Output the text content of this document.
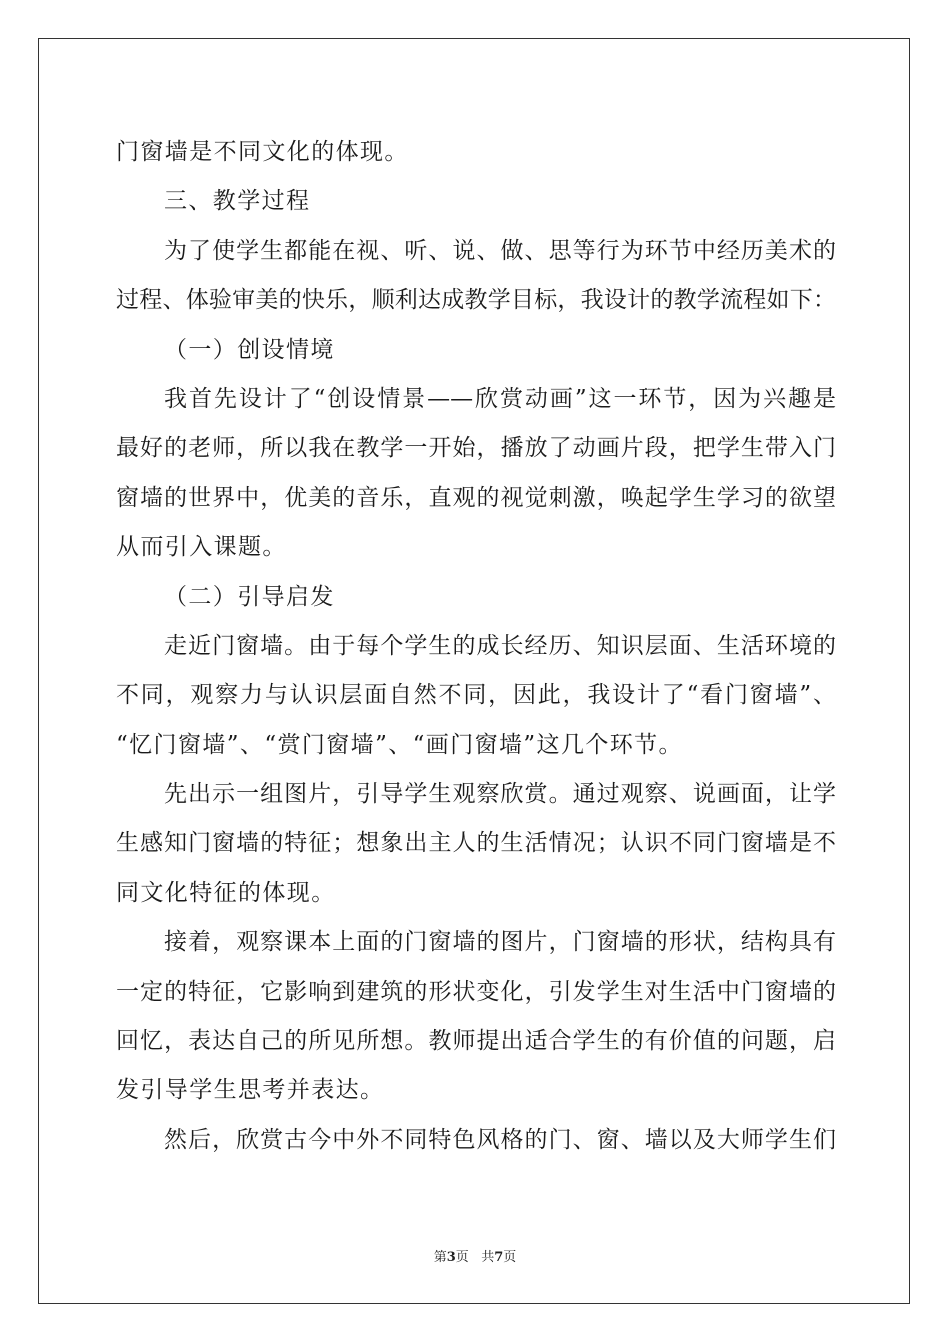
门窗墙是不同文化的体现。
三、教学过程
为了使学生都能在视、听、说、做、思等行为环节中经历美术的
过程、体验审美的快乐，顺利达成教学目标，我设计的教学流程如下：
（一）创设情境
我首先设计了“创设情景——欣赏动画”这一环节，因为兴趣是
最好的老师，所以我在教学一开始，播放了动画片段，把学生带入门
窗墙的世界中，优美的音乐，直观的视觉刺激，唤起学生学习的欲望
从而引入课题。
（二）引导启发
走近门窗墙。由于每个学生的成长经历、知识层面、生活环境的
不同，观察力与认识层面自然不同，因此，我设计了“看门窗墙”、
“忆门窗墙”、“赏门窗墙”、“画门窗墙”这几个环节。
先出示一组图片，引导学生观察欣赏。通过观察、说画面，让学
生感知门窗墙的特征；想象出主人的生活情况；认识不同门窗墙是不
同文化特征的体现。
接着，观察课本上面的门窗墙的图片，门窗墙的形状，结构具有
一定的特征，它影响到建筑的形状变化，引发学生对生活中门窗墙的
回忆，表达自己的所见所想。教师提出适合学生的有价值的问题，启
发引导学生思考并表达。
然后，欣赏古今中外不同特色风格的门、窗、墙以及大师学生们
第3页 共7页
